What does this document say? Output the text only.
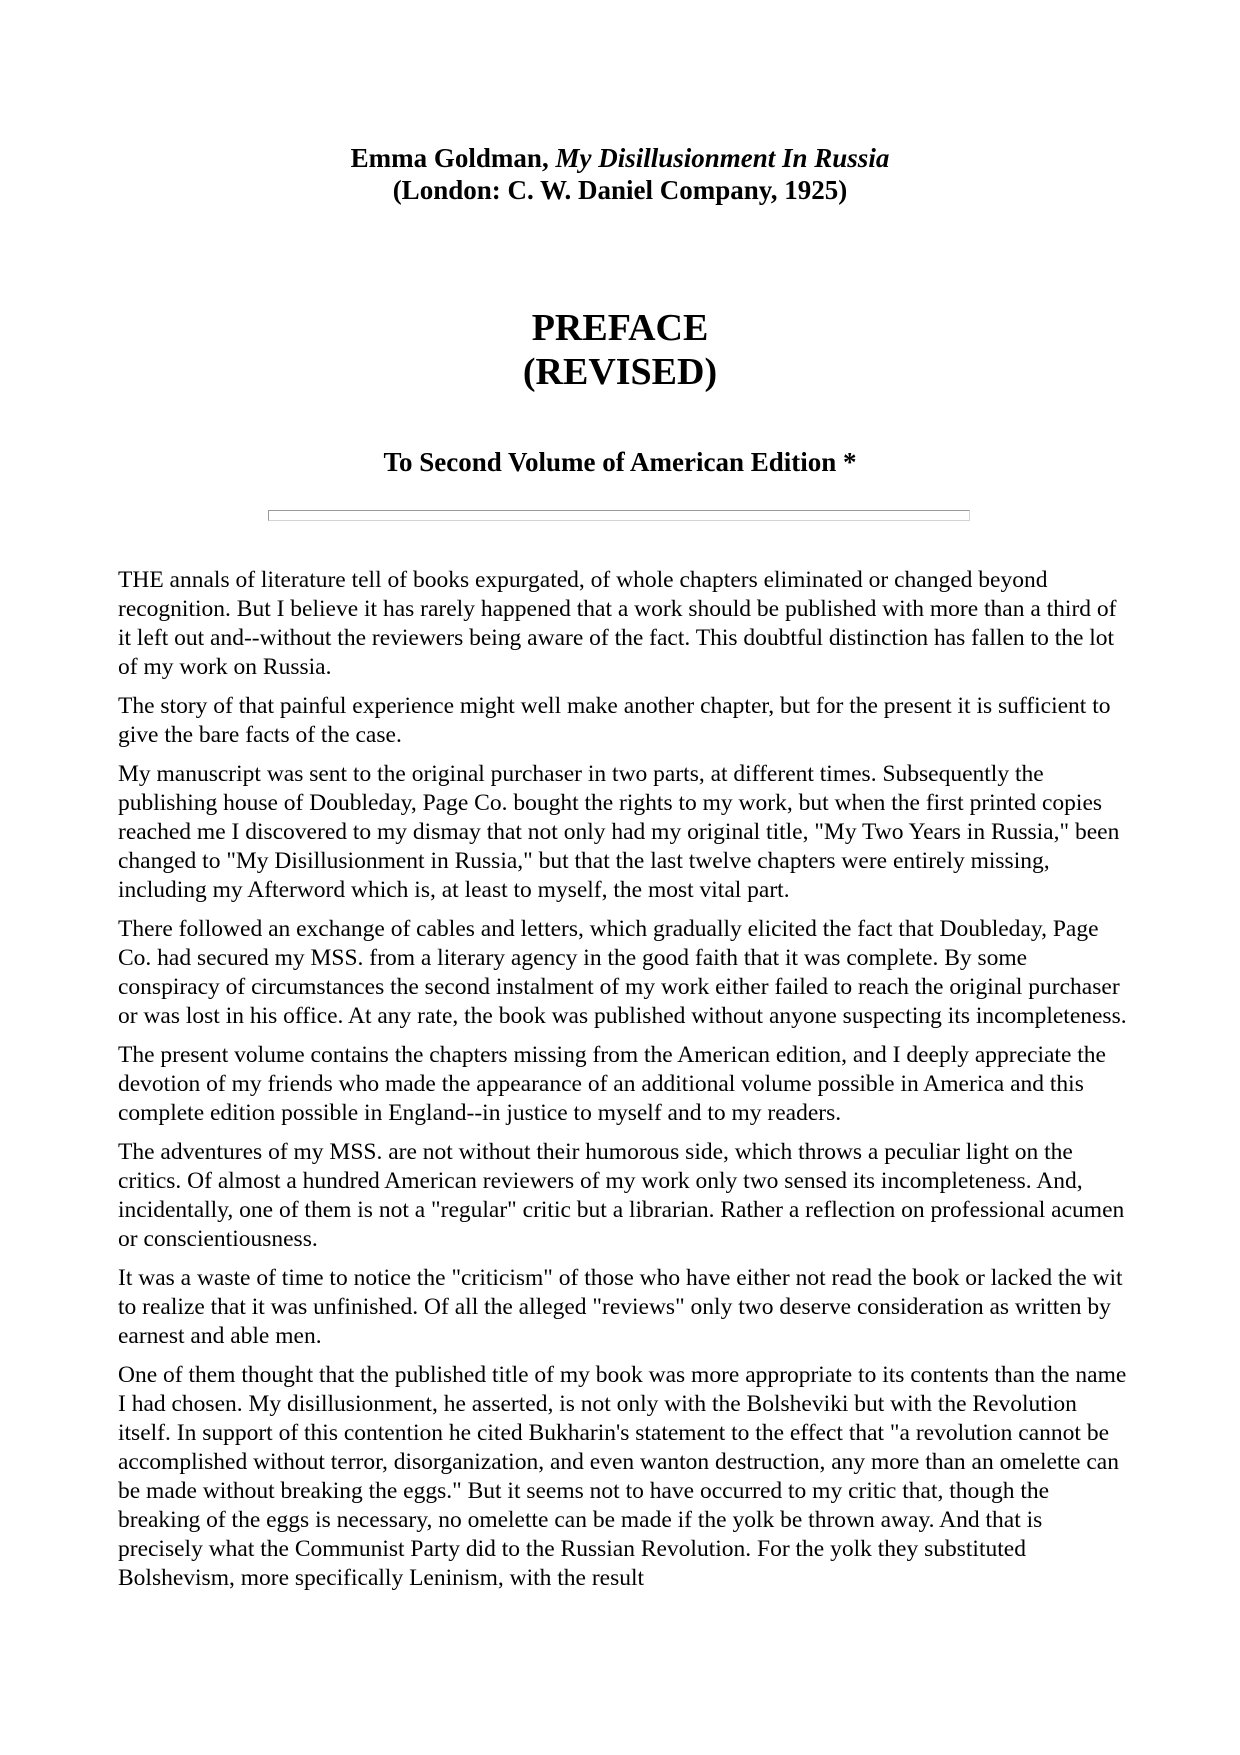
Emma Goldman, My Disillusionment In Russia
(London: C. W. Daniel Company, 1925)
PREFACE
(REVISED)
To Second Volume of American Edition *

THE annals of literature tell of books expurgated, of whole chapters eliminated or changed beyond recognition. But I believe it has rarely happened that a work should be published with more than a third of it left out and--without the reviewers being aware of the fact. This doubtful distinction has fallen to the lot of my work on Russia.

The story of that painful experience might well make another chapter, but for the present it is sufficient to give the bare facts of the case.

My manuscript was sent to the original purchaser in two parts, at different times. Subsequently the publishing house of Doubleday, Page Co. bought the rights to my work, but when the first printed copies reached me I discovered to my dismay that not only had my original title, "My Two Years in Russia," been changed to "My Disillusionment in Russia," but that the last twelve chapters were entirely missing, including my Afterword which is, at least to myself, the most vital part.

There followed an exchange of cables and letters, which gradually elicited the fact that Doubleday, Page Co. had secured my MSS. from a literary agency in the good faith that it was complete. By some conspiracy of circumstances the second instalment of my work either failed to reach the original purchaser or was lost in his office. At any rate, the book was published without anyone suspecting its incompleteness.

The present volume contains the chapters missing from the American edition, and I deeply appreciate the devotion of my friends who made the appearance of an additional volume possible in America and this complete edition possible in England--in justice to myself and to my readers.

The adventures of my MSS. are not without their humorous side, which throws a peculiar light on the critics. Of almost a hundred American reviewers of my work only two sensed its incompleteness. And, incidentally, one of them is not a "regular" critic but a librarian. Rather a reflection on professional acumen or conscientiousness.

It was a waste of time to notice the "criticism" of those who have either not read the book or lacked the wit to realize that it was unfinished. Of all the alleged "reviews" only two deserve consideration as written by earnest and able men.

One of them thought that the published title of my book was more appropriate to its contents than the name I had chosen. My disillusionment, he asserted, is not only with the Bolsheviki but with the Revolution itself. In support of this contention he cited Bukharin's statement to the effect that "a revolution cannot be accomplished without terror, disorganization, and even wanton destruction, any more than an omelette can be made without breaking the eggs." But it seems not to have occurred to my critic that, though the breaking of the eggs is necessary, no omelette can be made if the yolk be thrown away. And that is precisely what the Communist Party did to the Russian Revolution. For the yolk they substituted Bolshevism, more specifically Leninism, with the result
